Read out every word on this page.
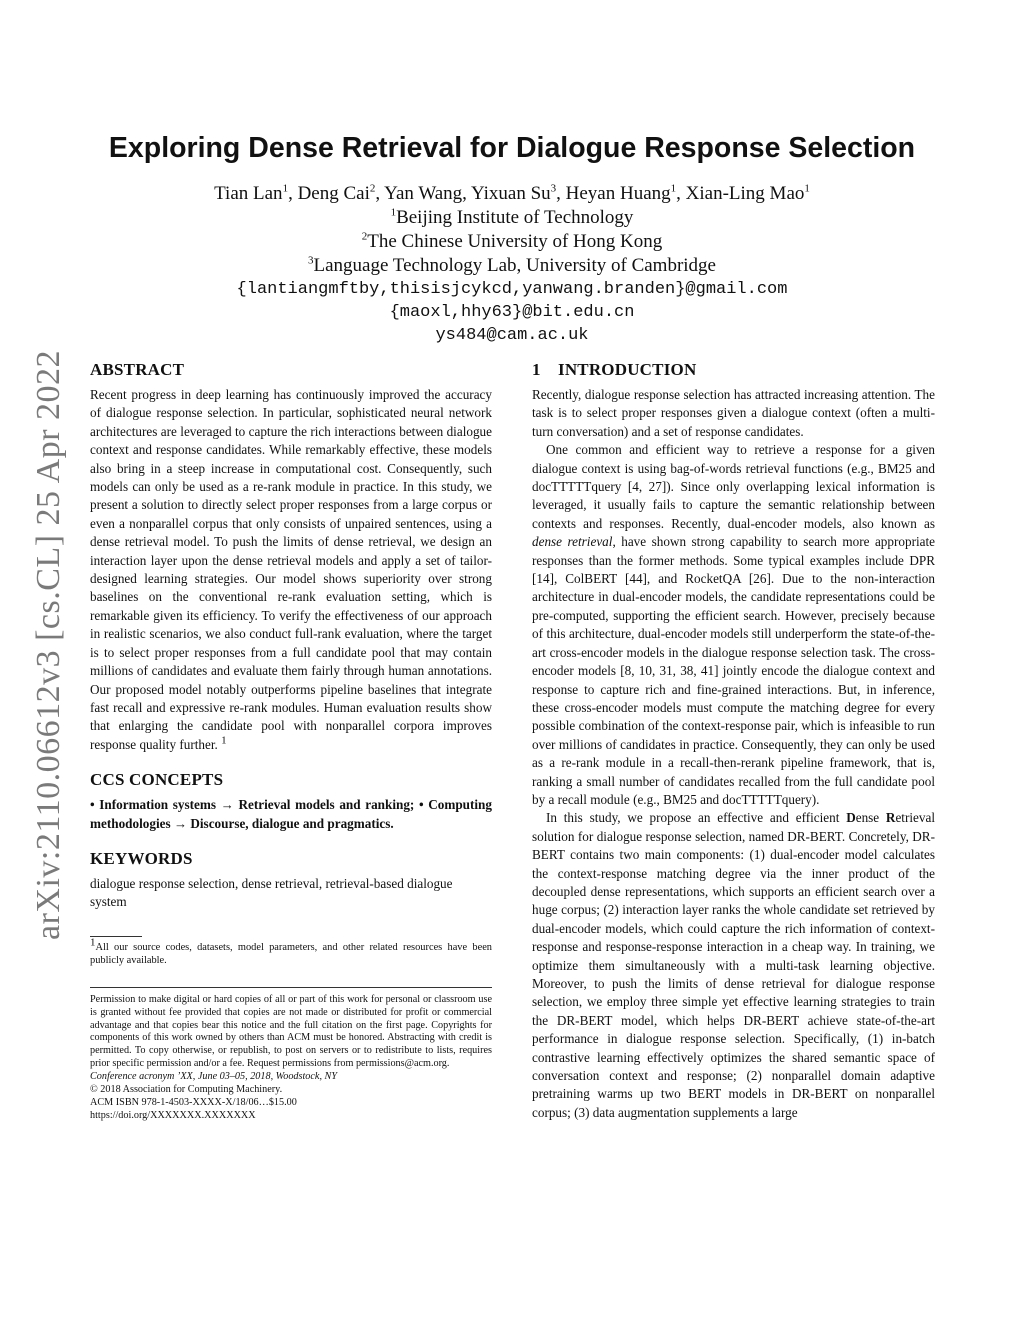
arXiv:2110.06612v3 [cs.CL] 25 Apr 2022
Exploring Dense Retrieval for Dialogue Response Selection
Tian Lan$^1$, Deng Cai$^2$, Yan Wang, Yixuan Su$^3$, Heyan Huang$^1$, Xian-Ling Mao$^1$
$^1$Beijing Institute of Technology
$^2$The Chinese University of Hong Kong
$^3$Language Technology Lab, University of Cambridge
{lantiangmftby,thisisjcykcd,yanwang.branden}@gmail.com
{maoxl,hhy63}@bit.edu.cn
ys484@cam.ac.uk
ABSTRACT

Recent progress in deep learning has continuously improved the accuracy of dialogue response selection. In particular, sophisticated neural network architectures are leveraged to capture the rich interactions between dialogue context and response candidates. While remarkably effective, these models also bring in a steep increase in computational cost. Consequently, such models can only be used as a re-rank module in practice. In this study, we present a solution to directly select proper responses from a large corpus or even a nonparallel corpus that only consists of unpaired sentences, using a dense retrieval model. To push the limits of dense retrieval, we design an interaction layer upon the dense retrieval models and apply a set of tailor-designed learning strategies. Our model shows superiority over strong baselines on the conventional re-rank evaluation setting, which is remarkable given its efficiency. To verify the effectiveness of our approach in realistic scenarios, we also conduct full-rank evaluation, where the target is to select proper responses from a full candidate pool that may contain millions of candidates and evaluate them fairly through human annotations. Our proposed model notably outperforms pipeline baselines that integrate fast recall and expressive re-rank modules. Human evaluation results show that enlarging the candidate pool with nonparallel corpora improves response quality further. $^1$

CCS CONCEPTS

• Information systems → Retrieval models and ranking; • Computing methodologies → Discourse, dialogue and pragmatics.

KEYWORDS

dialogue response selection, dense retrieval, retrieval-based dialogue system

$^1$All our source codes, datasets, model parameters, and other related resources have been publicly available.

Permission to make digital or hard copies of all or part of this work for personal or classroom use is granted without fee provided that copies are not made or distributed for profit or commercial advantage and that copies bear this notice and the full citation on the first page. Copyrights for components of this work owned by others than ACM must be honored. Abstracting with credit is permitted. To copy otherwise, or republish, to post on servers or to redistribute to lists, requires prior specific permission and/or a fee. Request permissions from permissions@acm.org.

Conference acronym ’XX, June 03–05, 2018, Woodstock, NY

© 2018 Association for Computing Machinery.

ACM ISBN 978-1-4503-XXXX-X/18/06…$15.00

https://doi.org/XXXXXXX.XXXXXXX

1 INTRODUCTION

Recently, dialogue response selection has attracted increasing attention. The task is to select proper responses given a dialogue context (often a multi-turn conversation) and a set of response candidates.

One common and efficient way to retrieve a response for a given dialogue context is using bag-of-words retrieval functions (e.g., BM25 and docTTTTTquery [4, 27]). Since only overlapping lexical information is leveraged, it usually fails to capture the semantic relationship between contexts and responses. Recently, dual-encoder models, also known as dense retrieval, have shown strong capability to search more appropriate responses than the former methods. Some typical examples include DPR [14], ColBERT [44], and RocketQA [26]. Due to the non-interaction architecture in dual-encoder models, the candidate representations could be pre-computed, supporting the efficient search. However, precisely because of this architecture, dual-encoder models still underperform the state-of-the-art cross-encoder models in the dialogue response selection task. The cross-encoder models [8, 10, 31, 38, 41] jointly encode the dialogue context and response to capture rich and fine-grained interactions. But, in inference, these cross-encoder models must compute the matching degree for every possible combination of the context-response pair, which is infeasible to run over millions of candidates in practice. Consequently, they can only be used as a re-rank module in a recall-then-rerank pipeline framework, that is, ranking a small number of candidates recalled from the full candidate pool by a recall module (e.g., BM25 and docTTTTTquery).

In this study, we propose an effective and efficient Dense Retrieval solution for dialogue response selection, named DR-BERT. Concretely, DR-BERT contains two main components: (1) dual-encoder model calculates the context-response matching degree via the inner product of the decoupled dense representations, which supports an efficient search over a huge corpus; (2) interaction layer ranks the whole candidate set retrieved by dual-encoder models, which could capture the rich information of context-response and response-response interaction in a cheap way. In training, we optimize them simultaneously with a multi-task learning objective. Moreover, to push the limits of dense retrieval for dialogue response selection, we employ three simple yet effective learning strategies to train the DR-BERT model, which helps DR-BERT achieve state-of-the-art performance in dialogue response selection. Specifically, (1) in-batch contrastive learning effectively optimizes the shared semantic space of conversation context and response; (2) nonparallel domain adaptive pretraining warms up two BERT models in DR-BERT on nonparallel corpus; (3) data augmentation supplements a large
